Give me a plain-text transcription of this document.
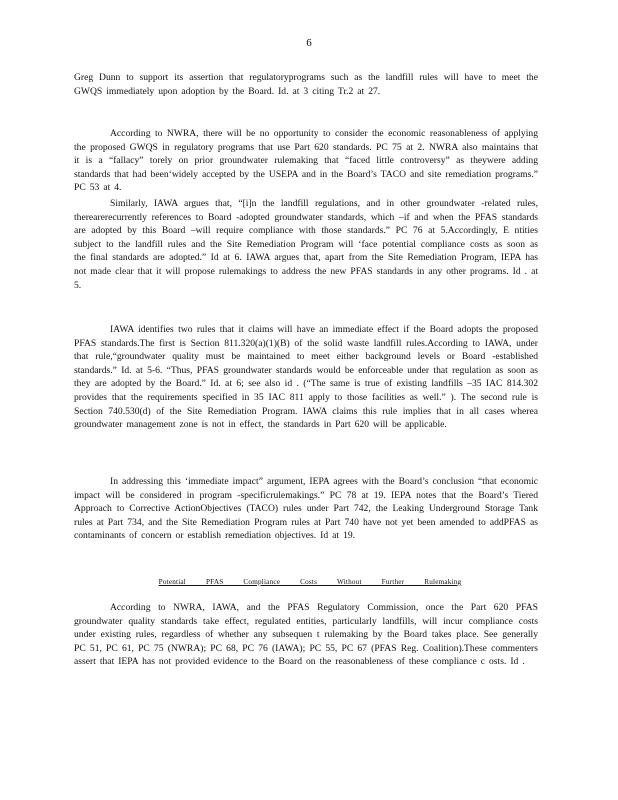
6

Greg Dunn to support its assertion that regulatoryprograms such as the landfill rules will have to meet the GWQS immediately upon adoption by the Board. Id. at 3 citing Tr.2 at 27.

According to NWRA, there will be no opportunity to consider the economic reasonableness of applying the proposed GWQS in regulatory programs that use Part 620 standards. PC 75 at 2. NWRA also maintains that it is a “fallacy” torely on prior groundwater rulemaking that “faced little controversy” as theywere adding standards that had been‘widely accepted by the USEPA and in the Board’s TACO and site remediation programs.” PC 53 at 4.

Similarly, IAWA argues that, “[i]n the landfill regulations, and in other groundwater -related rules, therearerecurrently references to Board -adopted groundwater standards, which –if and when the PFAS standards are adopted by this Board –will require compliance with those standards.” PC 76 at 5.Accordingly, E ntities subject to the landfill rules and the Site Remediation Program will ‘face potential compliance costs as soon as the final standards are adopted.” Id at 6. IAWA argues that, apart from the Site Remediation Program, IEPA has not made clear that it will propose rulemakings to address the new PFAS standards in any other programs. Id . at 5.

IAWA identifies two rules that it claims will have an immediate effect if the Board adopts the proposed PFAS standards.The first is Section 811.320(a)(1)(B) of the solid waste landfill rules.According to IAWA, under that rule,“groundwater quality must be maintained to meet either background levels or Board -established standards.” Id. at 5-6. “Thus, PFAS groundwater standards would be enforceable under that regulation as soon as they are adopted by the Board.” Id. at 6; see also id . (“The same is true of existing landfills –35 IAC 814.302 provides that the requirements specified in 35 IAC 811 apply to those facilities as well.” ). The second rule is Section 740.530(d) of the Site Remediation Program. IAWA claims this rule implies that in all cases wherea groundwater management zone is not in effect, the standards in Part 620 will be applicable.

In addressing this ‘immediate impact” argument, IEPA agrees with the Board’s conclusion “that economic impact will be considered in program -specificrulemakings.” PC 78 at 19. IEPA notes that the Board’s Tiered Approach to Corrective ActionObjectives (TACO) rules under Part 742, the Leaking Underground Storage Tank rules at Part 734, and the Site Remediation Program rules at Part 740 have not yet been amended to addPFAS as contaminants of concern or establish remediation objectives. Id at 19.

Potential PFAS Compliance Costs Without Further Rulemaking

According to NWRA, IAWA, and the PFAS Regulatory Commission, once the Part 620 PFAS groundwater quality standards take effect, regulated entities, particularly landfills, will incur compliance costs under existing rules, regardless of whether any subsequen t rulemaking by the Board takes place. See generally PC 51, PC 61, PC 75 (NWRA); PC 68, PC 76 (IAWA); PC 55, PC 67 (PFAS Reg. Coalition).These commenters assert that IEPA has not provided evidence to the Board on the reasonableness of these compliance c osts. Id .
